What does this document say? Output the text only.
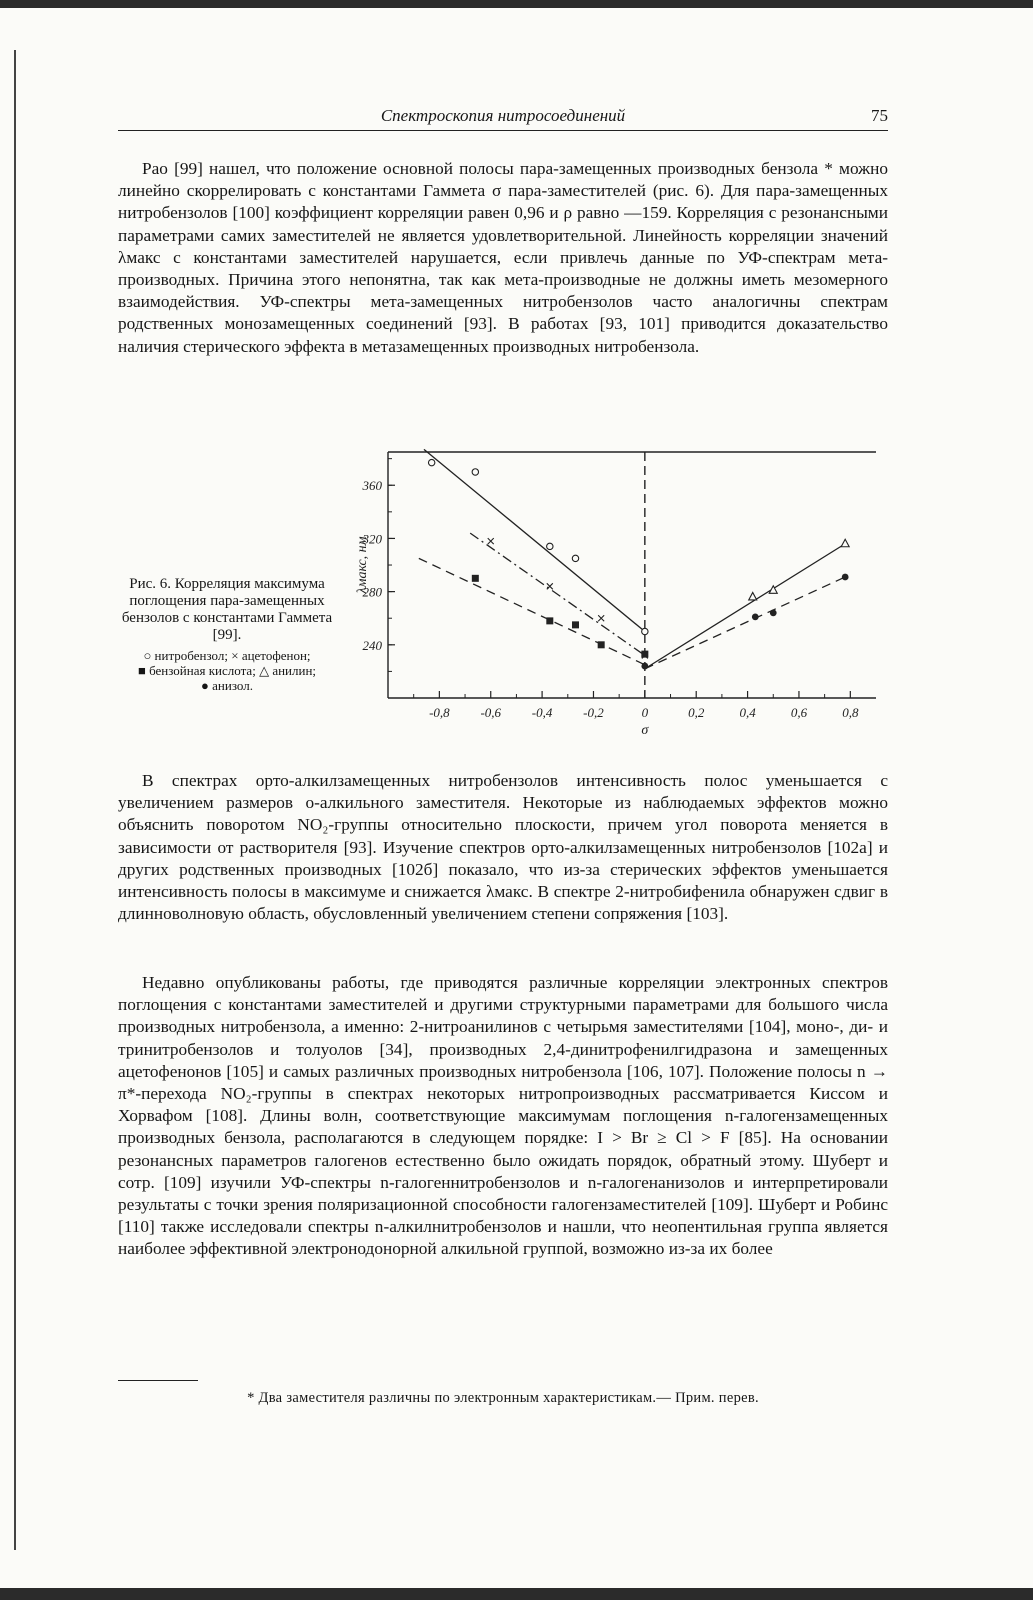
Спектроскопия нитросоединений	75

Рао [99] нашел, что положение основной полосы пара-замещенных производных бензола * можно линейно скоррелировать с константами Гаммета σ пара-заместителей (рис. 6). Для пара-замещенных нитробензолов [100] коэффициент корреляции равен 0,96 и ρ равно —159. Корреляция с резонансными параметрами самих заместителей не является удовлетворительной. Линейность корреляции значений λмакс с константами заместителей нарушается, если привлечь данные по УФ-спектрам мета-производных. Причина этого непонятна, так как мета-производные не должны иметь мезомерного взаимодействия. УФ-спектры мета-замещенных нитробензолов часто аналогичны спектрам родственных монозамещенных соединений [93]. В работах [93, 101] приводится доказательство наличия стерического эффекта в метазамещенных производных нитробензола.

Рис. 6. Корреляция максимума поглощения пара-замещенных бензолов с константами Гаммета [99].
○ нитробензол; × ацетофенон;
■ бензойная кислота; △ анилин;
● анизол.
-0,8 -0,6 -0,4 -0,2	0	0,2	0,4	0,6	0,8
360
320
280
240
σ
λмакс, нм

В спектрах орто-алкилзамещенных нитробензолов интенсивность полос уменьшается с увеличением размеров о-алкильного заместителя. Некоторые из наблюдаемых эффектов можно объяснить поворотом NO₂-группы относительно плоскости, причем угол поворота меняется в зависимости от растворителя [93]. Изучение спектров орто-алкилзамещенных нитробензолов [102а] и других родственных производных [102б] показало, что из-за стерических эффектов уменьшается интенсивность полосы в максимуме и снижается λмакс. В спектре 2-нитробифенила обнаружен сдвиг в длинноволновую область, обусловленный увеличением степени сопряжения [103].

Недавно опубликованы работы, где приводятся различные корреляции электронных спектров поглощения с константами заместителей и другими структурными параметрами для большого числа производных нитробензола, а именно: 2-нитроанилинов с четырьмя заместителями [104], моно-, ди- и тринитробензолов и толуолов [34], производных 2,4-динитрофенилгидразона и замещенных ацетофенонов [105] и самых различных производных нитробензола [106, 107]. Положение полосы n → π*-перехода NO₂-группы в спектрах некоторых нитропроизводных рассматривается Киссом и Хорвафом [108]. Длины волн, соответствующие максимумам поглощения n-галогензамещенных производных бензола, располагаются в следующем порядке: I > Br ≥ Cl > F [85]. На основании резонансных параметров галогенов естественно было ожидать порядок, обратный этому. Шуберт и сотр. [109] изучили УФ-спектры n-галогеннитробензолов и n-галогенанизолов и интерпретировали результаты с точки зрения поляризационной способности галогензаместителей [109]. Шуберт и Робинс [110] также исследовали спектры n-алкилнитробензолов и нашли, что неопентильная группа является наиболее эффективной электронодонорной алкильной группой, возможно из-за их более

* Два заместителя различны по электронным характеристикам.— Прим. перев.
